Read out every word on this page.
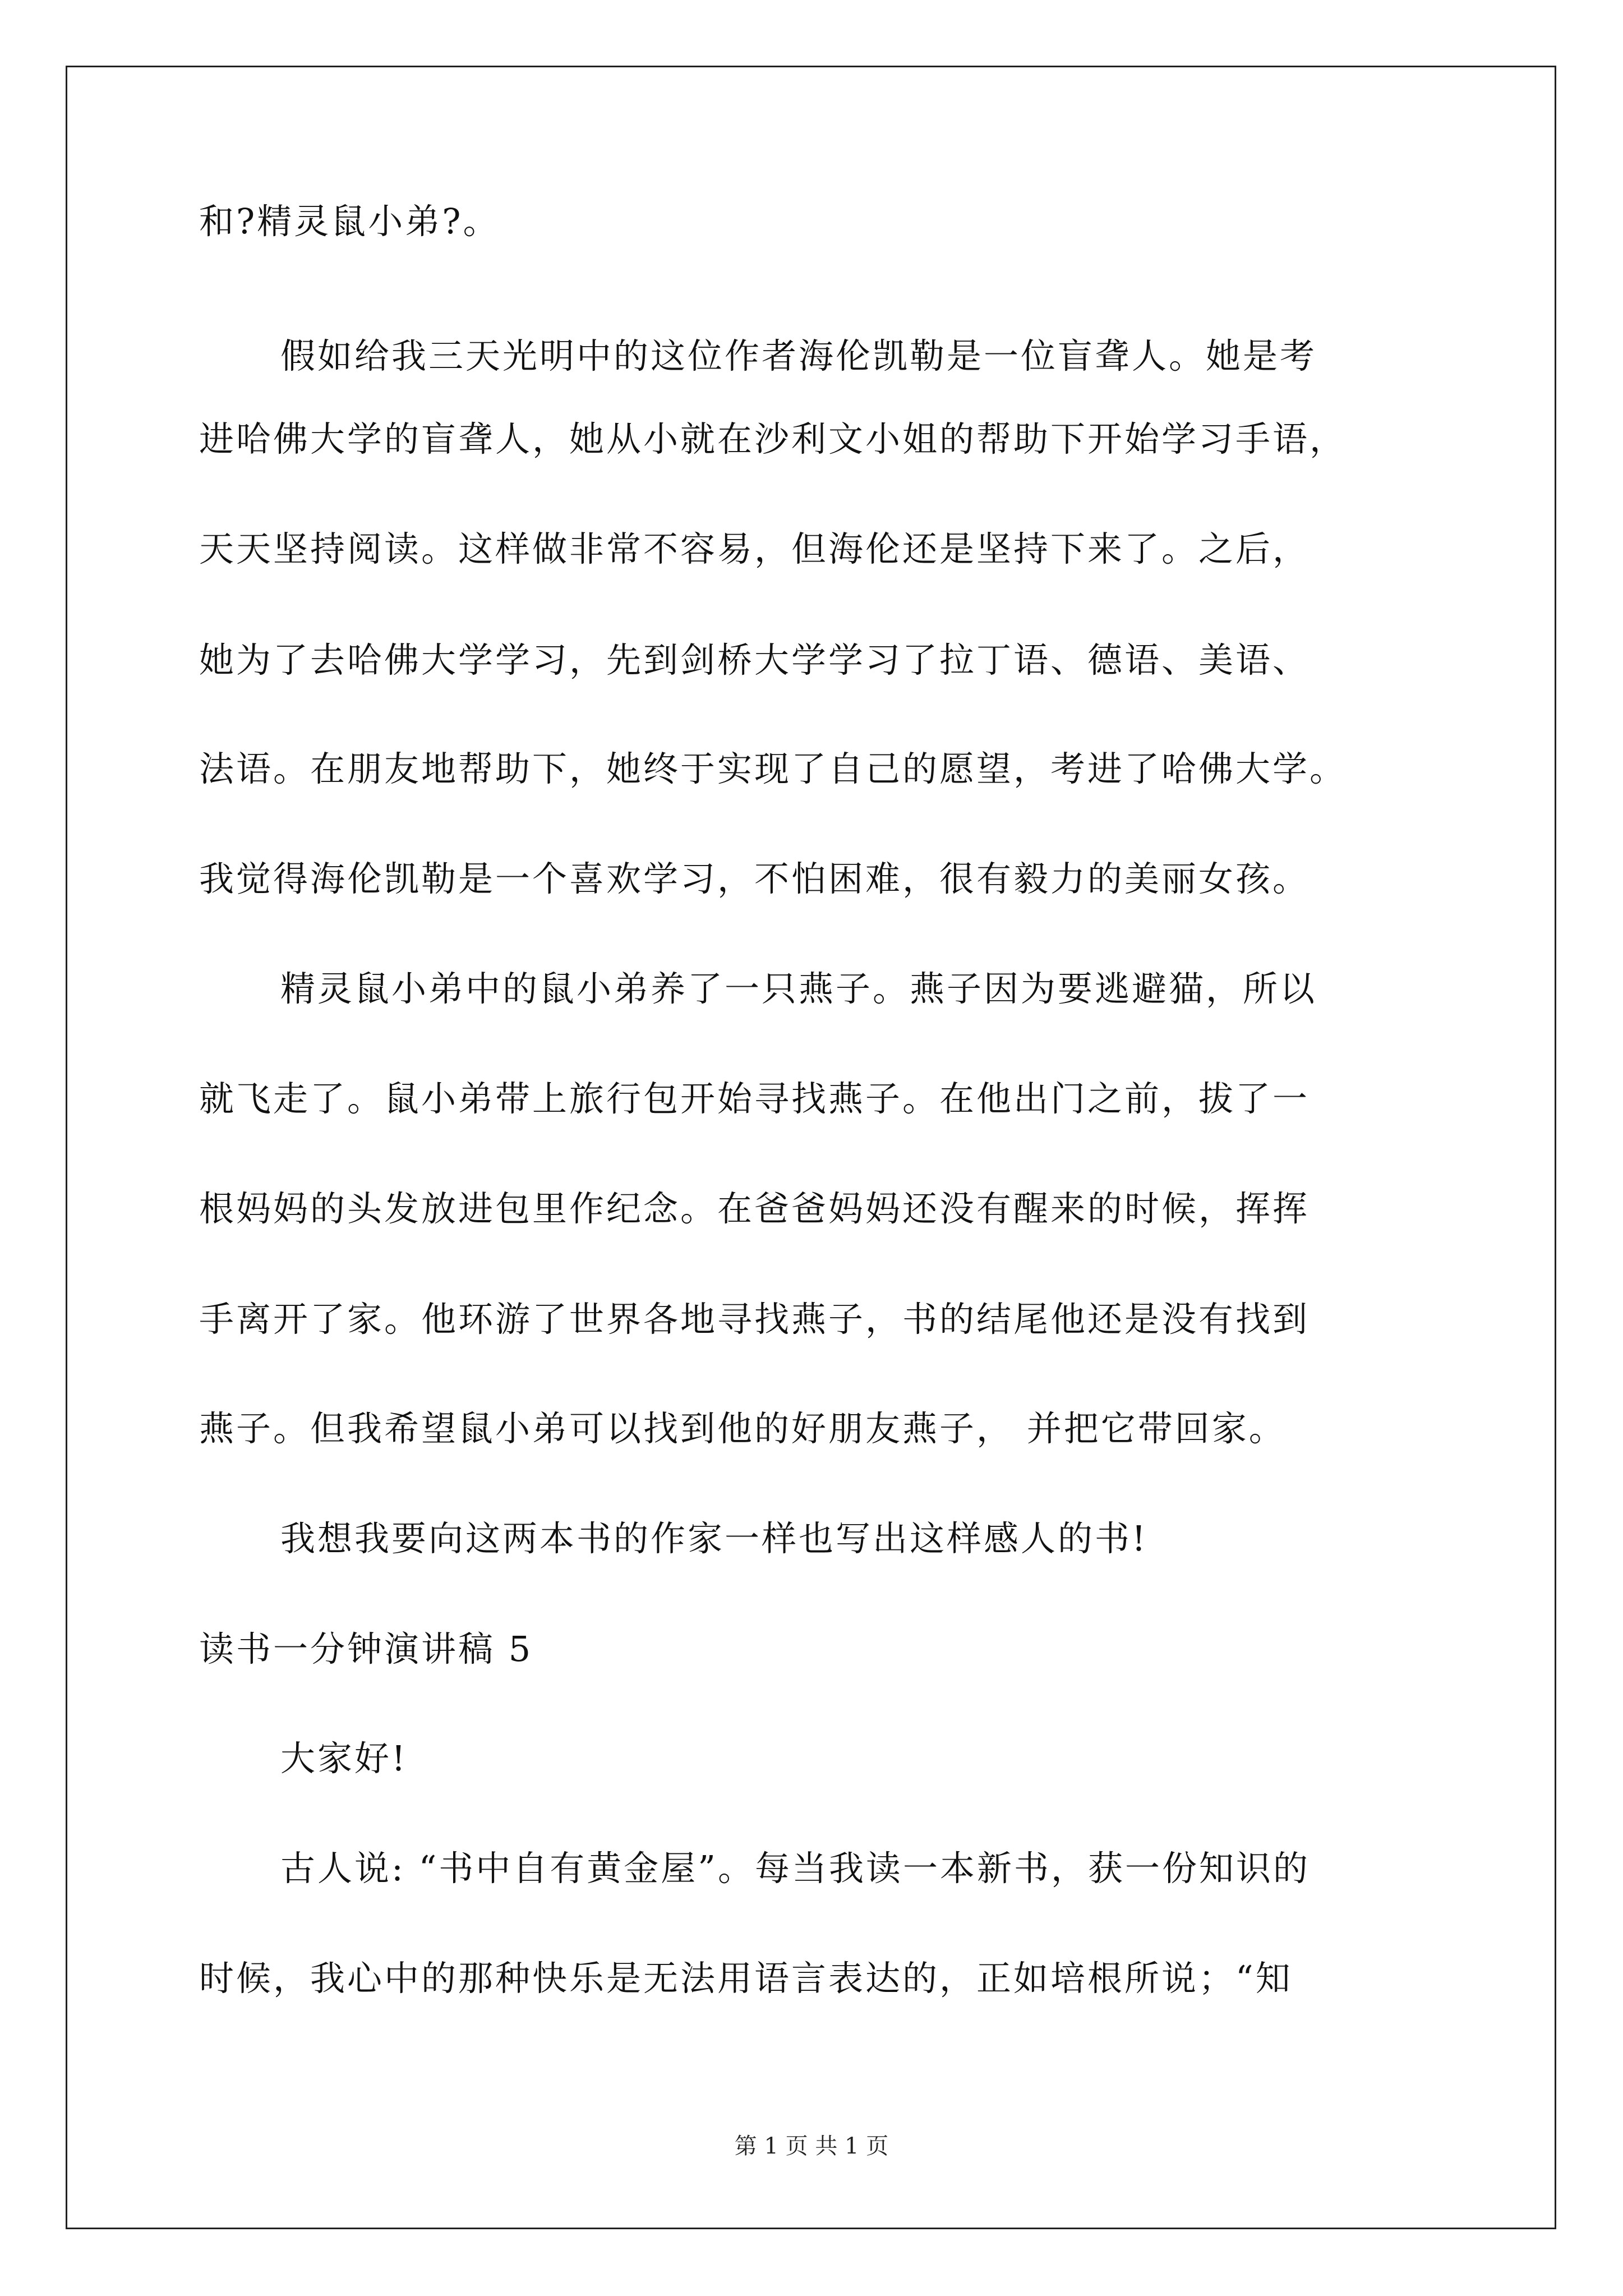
和?精灵鼠小弟?。
假如给我三天光明中的这位作者海伦凯勒是一位盲聋人。她是考
进哈佛大学的盲聋人，她从小就在沙利文小姐的帮助下开始学习手语，
天天坚持阅读。这样做非常不容易，但海伦还是坚持下来了。之后，
她为了去哈佛大学学习，先到剑桥大学学习了拉丁语、德语、美语、
法语。在朋友地帮助下，她终于实现了自己的愿望，考进了哈佛大学。
我觉得海伦凯勒是一个喜欢学习，不怕困难，很有毅力的美丽女孩。
精灵鼠小弟中的鼠小弟养了一只燕子。燕子因为要逃避猫，所以
就飞走了。鼠小弟带上旅行包开始寻找燕子。在他出门之前，拔了一
根妈妈的头发放进包里作纪念。在爸爸妈妈还没有醒来的时候，挥挥
手离开了家。他环游了世界各地寻找燕子，书的结尾他还是没有找到
燕子。但我希望鼠小弟可以找到他的好朋友燕子， 并把它带回家。
我想我要向这两本书的作家一样也写出这样感人的书!
读书一分钟演讲稿 5
大家好!
古人说: “书中自有黄金屋”。每当我读一本新书，获一份知识的
时候，我心中的那种快乐是无法用语言表达的，正如培根所说；“知
第 1 页 共 1 页
